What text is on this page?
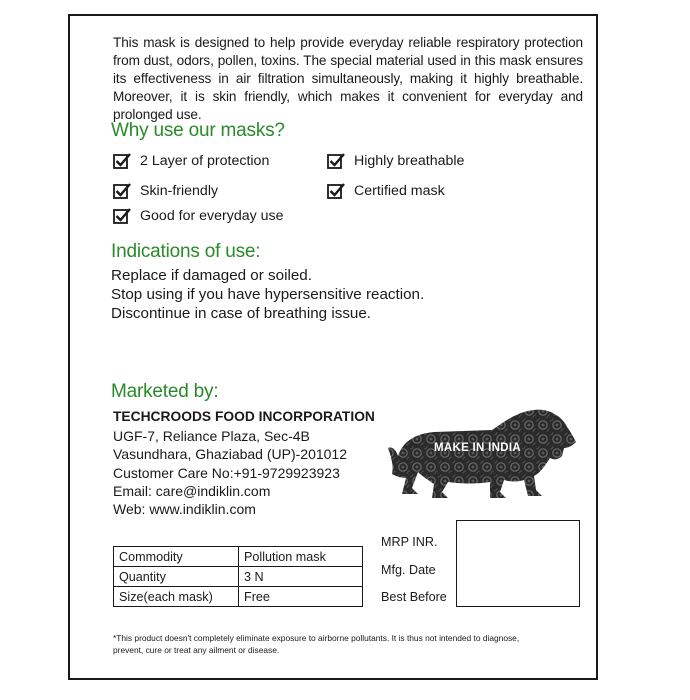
This mask is designed to help provide everyday reliable respiratory protection from dust, odors, pollen, toxins. The special material used in this mask ensures its effectiveness in air filtration simultaneously, making it highly breathable. Moreover, it is skin friendly, which makes it convenient for everyday and prolonged use.

Why use our masks?
2 Layer of protection	Highly breathable
Skin-friendly	Certified mask
Good for everyday use
Indications of use:
Replace if damaged or soiled.
Stop using if you have hypersensitive reaction.
Discontinue in case of breathing issue.
Marketed by:
TECHCROODS FOOD INCORPORATION
UGF-7, Reliance Plaza, Sec-4B
Vasundhara, Ghaziabad (UP)-201012
Customer Care No:+91-9729923923
Email: care@indiklin.com
Web: www.indiklin.com
MAKE IN INDIA
Commodity	Pollution mask
Quantity	3 N
Size(each mask)	Free
MRP INR.
Mfg. Date
Best Before

*This product doesn't completely eliminate exposure to airborne pollutants. It is thus not intended to diagnose, prevent, cure or treat any ailment or disease.
